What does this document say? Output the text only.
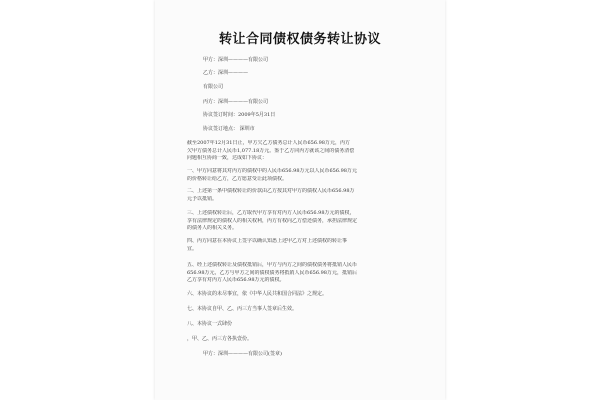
转让合同债权债务转让协议
甲方：深圳————有限公司
乙方：深圳————
有限公司
丙方：深圳————有限公司
协议签订时间：2009年5月31日
协议签订地点： 深圳市
截至2007年12月31日止，甲方欠乙方债务总计人民币656.98万元，丙方
欠甲方债务总计人民币1,077.18万元。鉴于乙方同丙方就该之间的债务清偿
问题相互协商一致，达成如下协议：
一、甲方同意将其对丙方的债权中的人民币656.98万元以人民币656.98万元
的价格转让给乙方，乙方愿意受让此项债权。
二、上述第一条中债权转让的价款由乙方按其对甲方的债权人民币656.98万
元予以抵销。
三、上述债权转让后，乙方取代甲方享有对丙方人民币656.98万元的债权，
享有法律规定的债权人的相关权利，丙方有权向乙方偿还债务，承担法律规定
的债务人的相关义务。
四、丙方同意在本协议上签字以确认知悉上述甲乙方对上述债权的转让事
宜。
五、经上述债权转让及债权抵销后，甲方与丙方之间的债权债务将抵销人民币
656.98万元，乙方与甲方之间的债权债务将抵销人民币656.98万元，抵销后
乙方享有对丙方人民币656.98万元的债权。
六、本协议的未尽事宜，依《中华人民共和国合同法》之规定。
七、本协议自甲、乙、丙三方当事人签章后生效。
八、本协议一式肆份
，甲、乙、丙三方各执壹份。
甲方：深圳————有限公司(签章)
